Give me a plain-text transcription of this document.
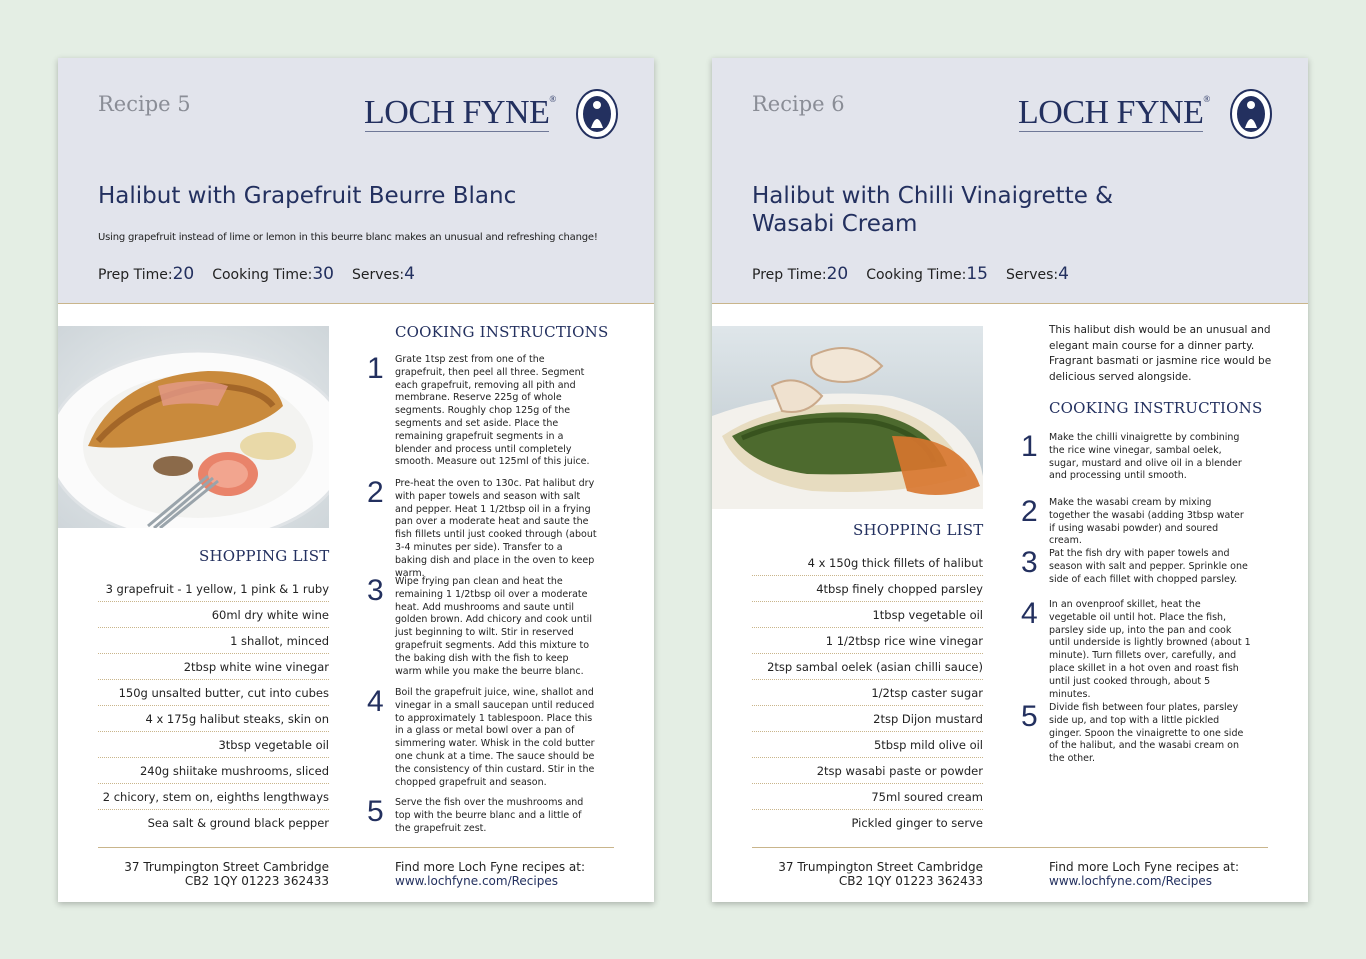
Recipe 5	LOCH FYNE®
Halibut with Grapefruit Beurre Blanc
Using grapefruit instead of lime or lemon in this beurre blanc makes an unusual and refreshing change!
Prep Time:20 Cooking Time:30 Serves:4
SHOPPING LIST
3 grapefruit - 1 yellow, 1 pink & 1 ruby
60ml dry white wine
1 shallot, minced
2tbsp white wine vinegar
150g unsalted butter, cut into cubes
4 x 175g halibut steaks, skin on
3tbsp vegetable oil
240g shiitake mushrooms, sliced
2 chicory, stem on, eighths lengthways
Sea salt & ground black pepper
COOKING INSTRUCTIONS
1 Grate 1tsp zest from one of the grapefruit, then peel all three. Segment each grapefruit, removing all pith and membrane. Reserve 225g of whole segments. Roughly chop 125g of the segments and set aside. Place the remaining grapefruit segments in a blender and process until completely smooth. Measure out 125ml of this juice.
2 Pre-heat the oven to 130c. Pat halibut dry with paper towels and season with salt and pepper. Heat 1 1/2tbsp oil in a frying pan over a moderate heat and saute the fish fillets until just cooked through (about 3-4 minutes per side). Transfer to a baking dish and place in the oven to keep warm.
3 Wipe frying pan clean and heat the remaining 1 1/2tbsp oil over a moderate heat. Add mushrooms and saute until golden brown. Add chicory and cook until just beginning to wilt. Stir in reserved grapefruit segments. Add this mixture to the baking dish with the fish to keep warm while you make the beurre blanc.
4 Boil the grapefruit juice, wine, shallot and vinegar in a small saucepan until reduced to approximately 1 tablespoon. Place this in a glass or metal bowl over a pan of simmering water. Whisk in the cold butter one chunk at a time. The sauce should be the consistency of thin custard. Stir in the chopped grapefruit and season.
5 Serve the fish over the mushrooms and top with the beurre blanc and a little of the grapefruit zest.
37 Trumpington Street Cambridge
CB2 1QY 01223 362433
Find more Loch Fyne recipes at:
www.lochfyne.com/Recipes
Recipe 6	LOCH FYNE®
Halibut with Chilli Vinaigrette & Wasabi Cream
Prep Time:20 Cooking Time:15 Serves:4
This halibut dish would be an unusual and elegant main course for a dinner party. Fragrant basmati or jasmine rice would be delicious served alongside.
SHOPPING LIST
4 x 150g thick fillets of halibut
4tbsp finely chopped parsley
1tbsp vegetable oil
1 1/2tbsp rice wine vinegar
2tsp sambal oelek (asian chilli sauce)
1/2tsp caster sugar
2tsp Dijon mustard
5tbsp mild olive oil
2tsp wasabi paste or powder
75ml soured cream
Pickled ginger to serve
COOKING INSTRUCTIONS
1 Make the chilli vinaigrette by combining the rice wine vinegar, sambal oelek, sugar, mustard and olive oil in a blender and processing until smooth.
2 Make the wasabi cream by mixing together the wasabi (adding 3tbsp water if using wasabi powder) and soured cream.
3 Pat the fish dry with paper towels and season with salt and pepper. Sprinkle one side of each fillet with chopped parsley.
4 In an ovenproof skillet, heat the vegetable oil until hot. Place the fish, parsley side up, into the pan and cook until underside is lightly browned (about 1 minute). Turn fillets over, carefully, and place skillet in a hot oven and roast fish until just cooked through, about 5 minutes.
5 Divide fish between four plates, parsley side up, and top with a little pickled ginger. Spoon the vinaigrette to one side of the halibut, and the wasabi cream on the other.
37 Trumpington Street Cambridge
CB2 1QY 01223 362433
Find more Loch Fyne recipes at:
www.lochfyne.com/Recipes
